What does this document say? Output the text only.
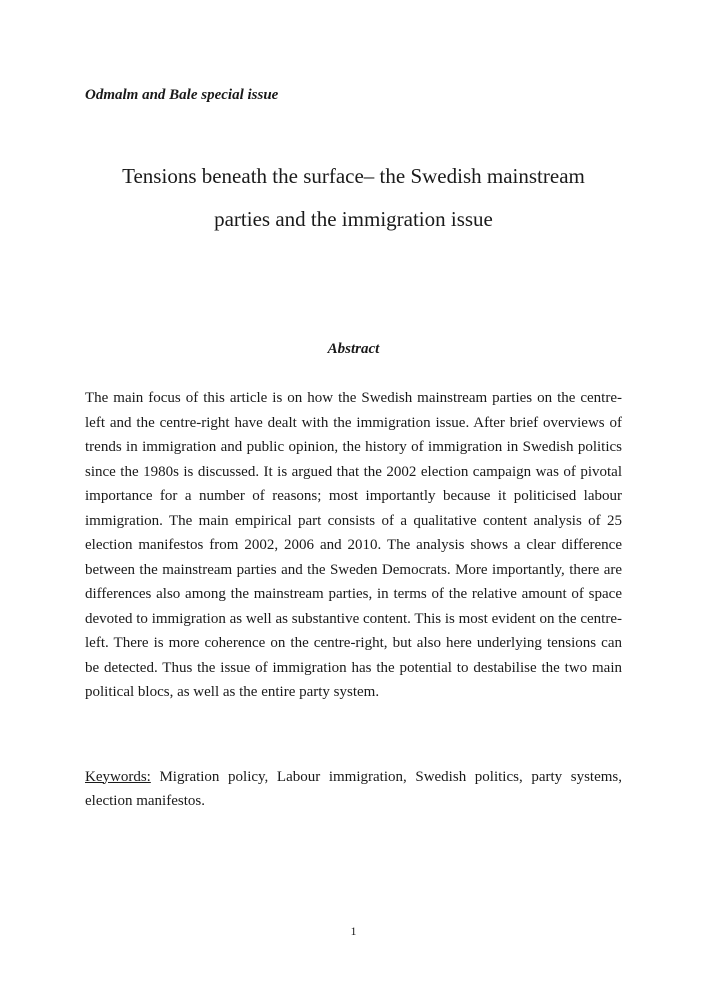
Odmalm and Bale special issue
Tensions beneath the surface– the Swedish mainstream
parties and the immigration issue
Abstract
The main focus of this article is on how the Swedish mainstream parties on the centre-left and the centre-right have dealt with the immigration issue. After brief overviews of trends in immigration and public opinion, the history of immigration in Swedish politics since the 1980s is discussed. It is argued that the 2002 election campaign was of pivotal importance for a number of reasons; most importantly because it politicised labour immigration. The main empirical part consists of a qualitative content analysis of 25 election manifestos from 2002, 2006 and 2010. The analysis shows a clear difference between the mainstream parties and the Sweden Democrats. More importantly, there are differences also among the mainstream parties, in terms of the relative amount of space devoted to immigration as well as substantive content. This is most evident on the centre-left. There is more coherence on the centre-right, but also here underlying tensions can be detected. Thus the issue of immigration has the potential to destabilise the two main political blocs, as well as the entire party system.
Keywords: Migration policy, Labour immigration, Swedish politics, party systems, election manifestos.
1
